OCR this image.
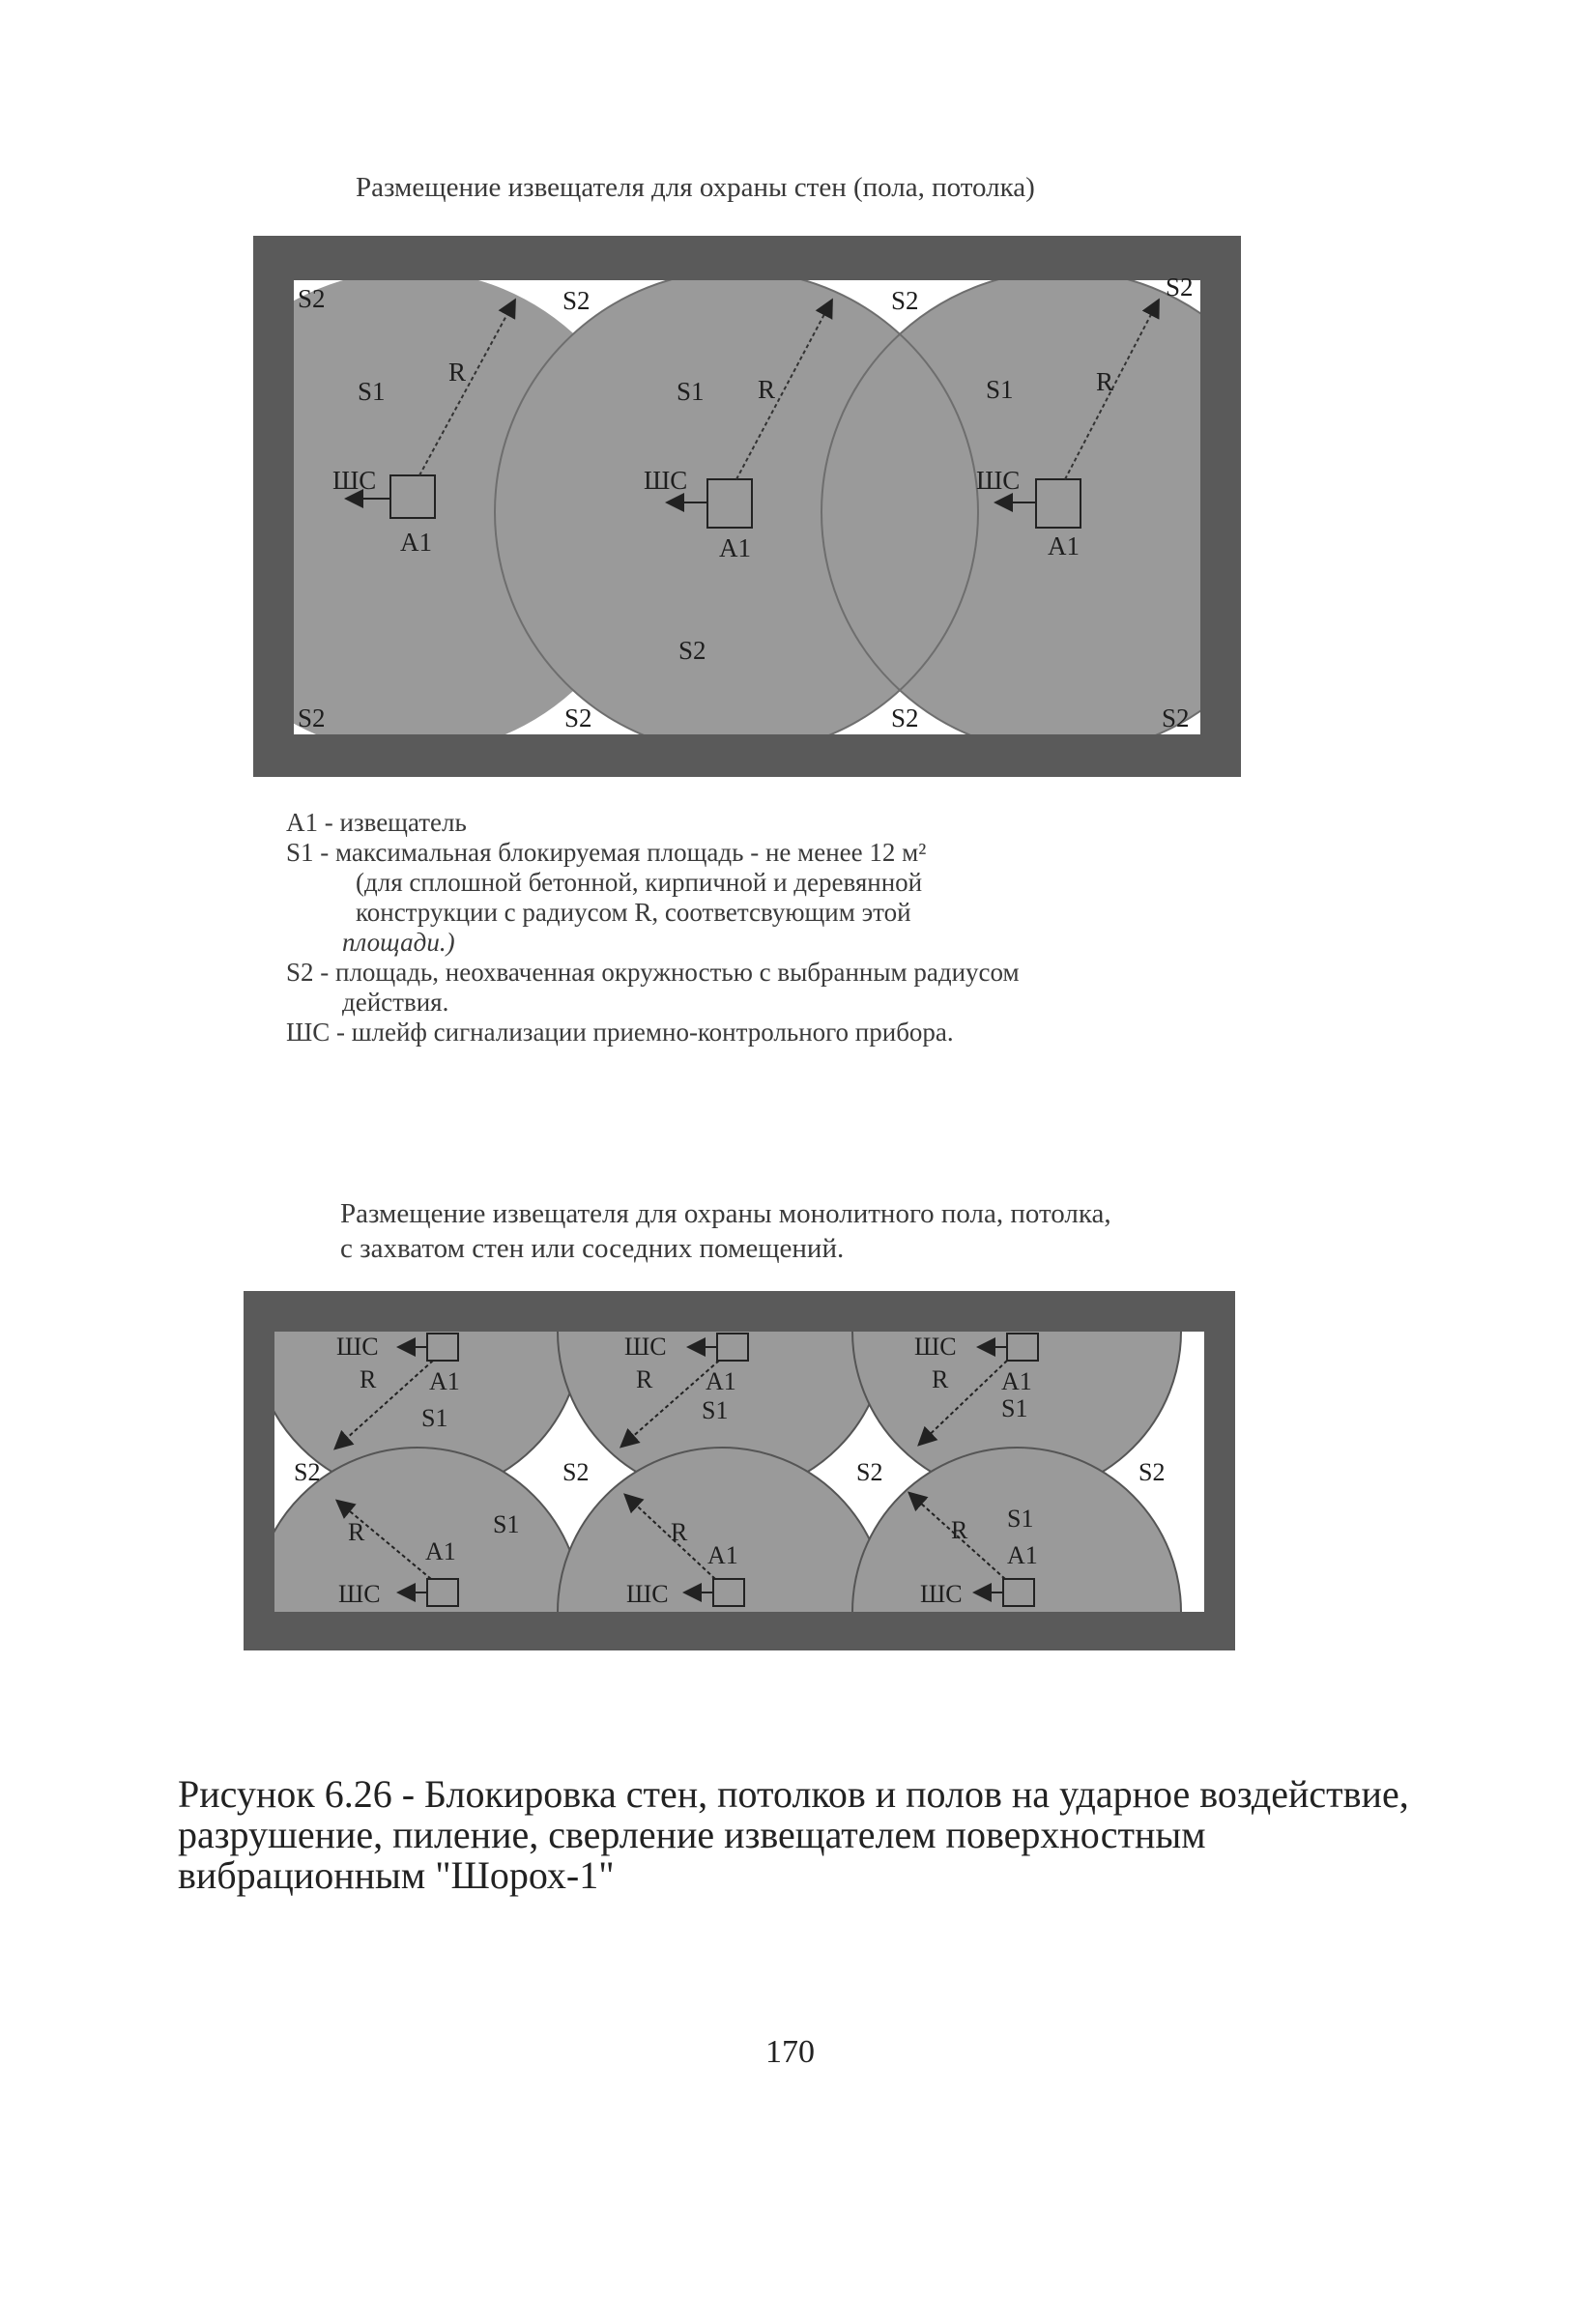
Размещение извещателя для охраны стен (пола, потолка)
S2	S2	S2	S2
S2
S2	S2	S2	S2
S1	S1	S1
R
R	R
ШС	ШС	ШС
A1	A1	A1
А1 - извещатель
S1 - максимальная блокируемая площадь - не менее 12 м²
(для сплошной бетонной, кирпичной и деревянной
конструкции с радиусом R, соответсвующим этой
площади.)
S2 - площадь, неохваченная окружностью с выбранным радиусом
действия.
ШС - шлейф сигнализации приемно-контрольного прибора.
Размещение извещателя для охраны монолитного пола, потолка,
с захватом стен или соседних помещений.
ШС	ШС	ШС
R A1
S1
R A1
S1
R A1
S1
S2	S2	S2	S2
R	S1
A1
ШС
R
A1
ШС
R S1
A1
ШС
Рисунок 6.26 - Блокировка стен, потолков и полов на ударное воздействие,
разрушение, пиление, сверление извещателем поверхностным
вибрационным "Шорох-1"
170
